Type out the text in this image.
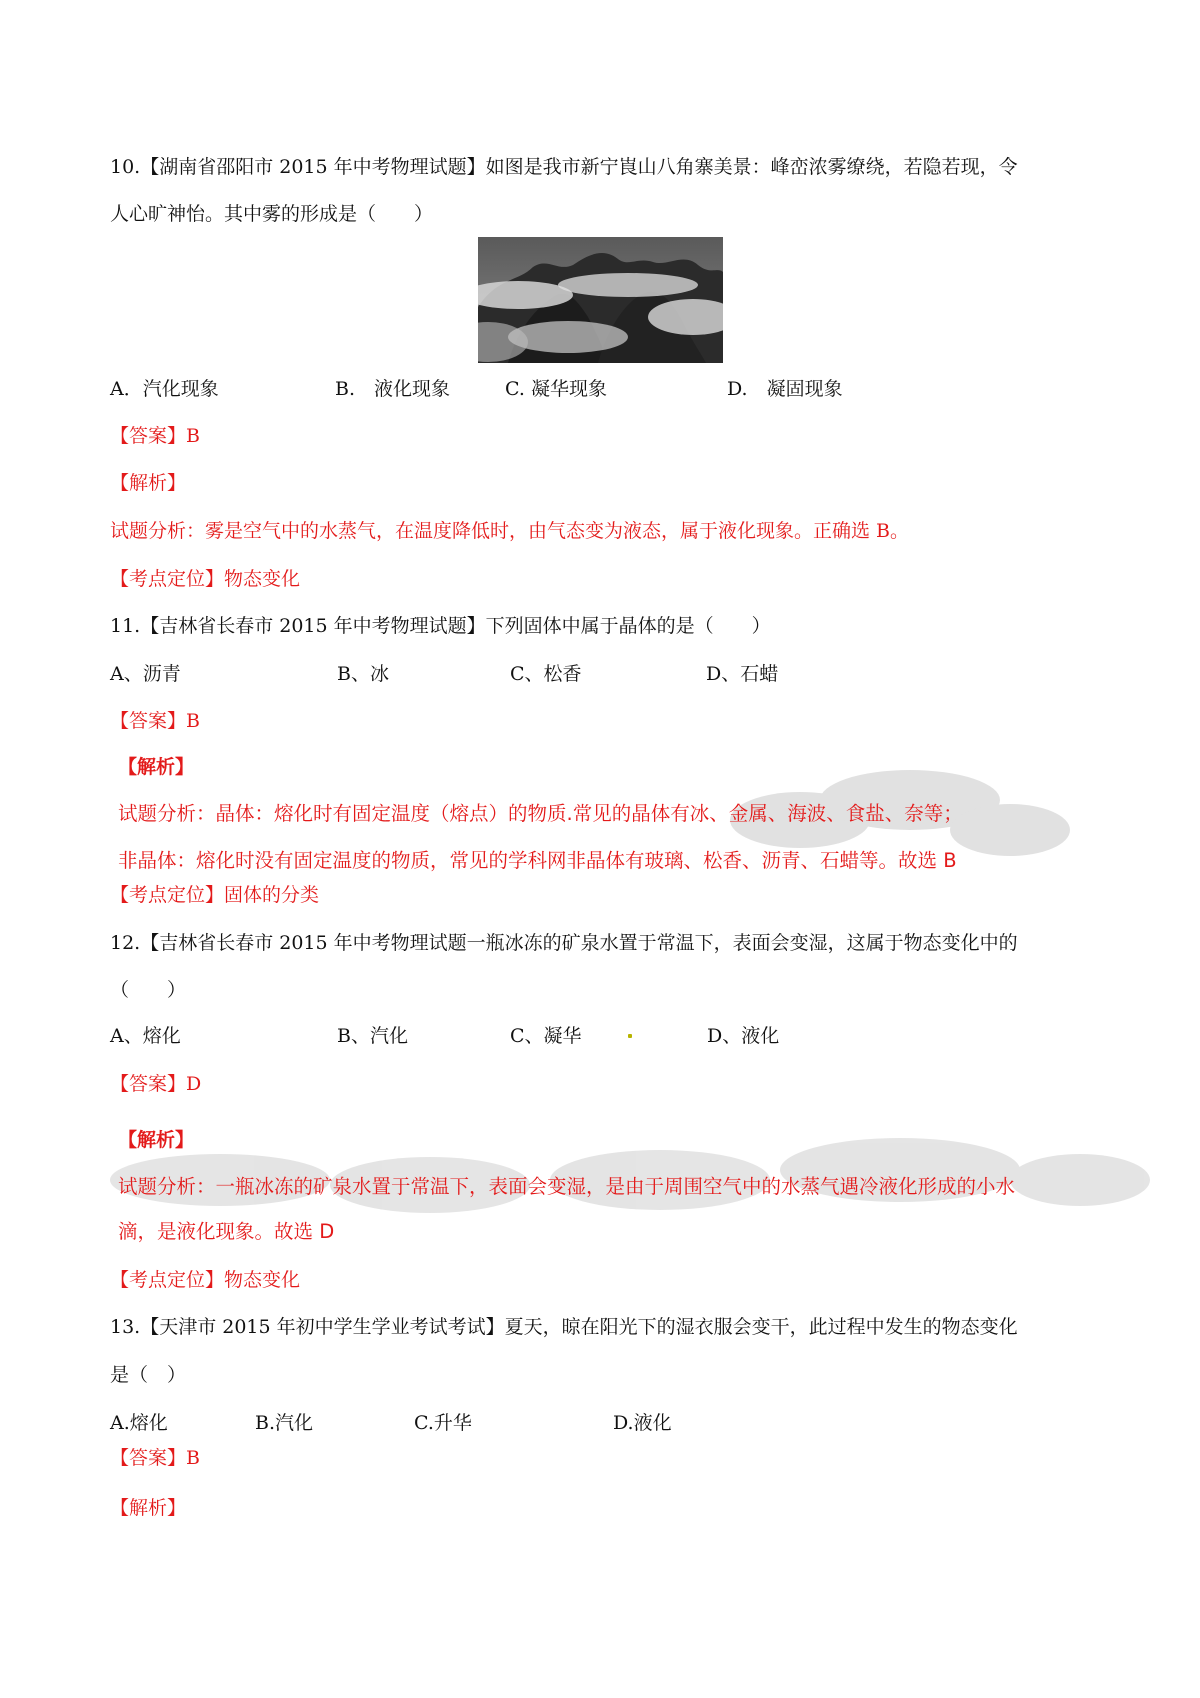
10.【湖南省邵阳市 2015 年中考物理试题】如图是我市新宁崀山八角寨美景：峰峦浓雾缭绕，若隐若现，令
人心旷神怡。其中雾的形成是（　　）
A．汽化现象	B.　液化现象	C. 凝华现象	D.　凝固现象
【答案】B
【解析】
试题分析：雾是空气中的水蒸气，在温度降低时，由气态变为液态，属于液化现象。正确选 B。
【考点定位】物态变化
11.【吉林省长春市 2015 年中考物理试题】下列固体中属于晶体的是（　　）
A、沥青	B、冰	C、松香	D、石蜡
【答案】B
【解析】
试题分析：晶体：熔化时有固定温度（熔点）的物质.常见的晶体有冰、金属、海波、食盐、奈等；
非晶体：熔化时没有固定温度的物质，常见的学科网非晶体有玻璃、松香、沥青、石蜡等。故选 B
【考点定位】固体的分类
12.【吉林省长春市 2015 年中考物理试题一瓶冰冻的矿泉水置于常温下，表面会变湿，这属于物态变化中的
（　　）
A、熔化	B、汽化	C、凝华	D、液化
【答案】D
【解析】
试题分析：一瓶冰冻的矿泉水置于常温下，表面会变湿，是由于周围空气中的水蒸气遇冷液化形成的小水
滴，是液化现象。故选 D
【考点定位】物态变化
13.【天津市 2015 年初中学生学业考试考试】夏天，晾在阳光下的湿衣服会变干，此过程中发生的物态变化
是（　）
A.熔化	B.汽化	C.升华	D.液化
【答案】B
【解析】
